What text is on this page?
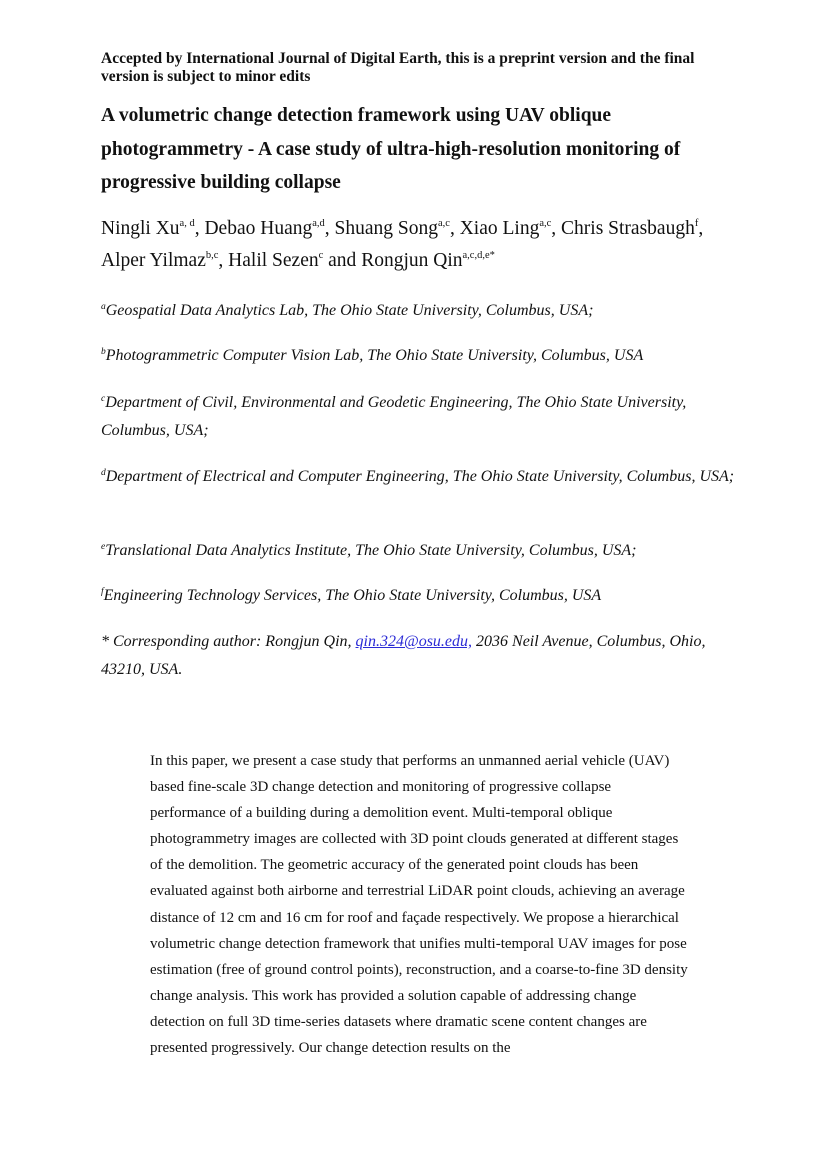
Accepted by International Journal of Digital Earth, this is a preprint version and the final version is subject to minor edits
A volumetric change detection framework using UAV oblique photogrammetry - A case study of ultra-high-resolution monitoring of progressive building collapse
Ningli Xu$^{a, d}$, Debao Huang$^{a,d}$, Shuang Song$^{a,c}$, Xiao Ling$^{a,c}$, Chris Strasbaugh$^f$, Alper Yilmaz$^{b,c}$, Halil Sezen$^c$ and Rongjun Qin$^{a,c,d,e*}$
$^a$Geospatial Data Analytics Lab, The Ohio State University, Columbus, USA;
$^b$Photogrammetric Computer Vision Lab, The Ohio State University, Columbus, USA
$^c$Department of Civil, Environmental and Geodetic Engineering, The Ohio State University, Columbus, USA;
$^d$Department of Electrical and Computer Engineering, The Ohio State University, Columbus, USA;
$^e$Translational Data Analytics Institute, The Ohio State University, Columbus, USA;
$^f$Engineering Technology Services, The Ohio State University, Columbus, USA
* Corresponding author: Rongjun Qin, qin.324@osu.edu, 2036 Neil Avenue, Columbus, Ohio, 43210, USA.
In this paper, we present a case study that performs an unmanned aerial vehicle (UAV) based fine-scale 3D change detection and monitoring of progressive collapse performance of a building during a demolition event. Multi-temporal oblique photogrammetry images are collected with 3D point clouds generated at different stages of the demolition. The geometric accuracy of the generated point clouds has been evaluated against both airborne and terrestrial LiDAR point clouds, achieving an average distance of 12 cm and 16 cm for roof and façade respectively. We propose a hierarchical volumetric change detection framework that unifies multi-temporal UAV images for pose estimation (free of ground control points), reconstruction, and a coarse-to-fine 3D density change analysis. This work has provided a solution capable of addressing change detection on full 3D time-series datasets where dramatic scene content changes are presented progressively. Our change detection results on the
